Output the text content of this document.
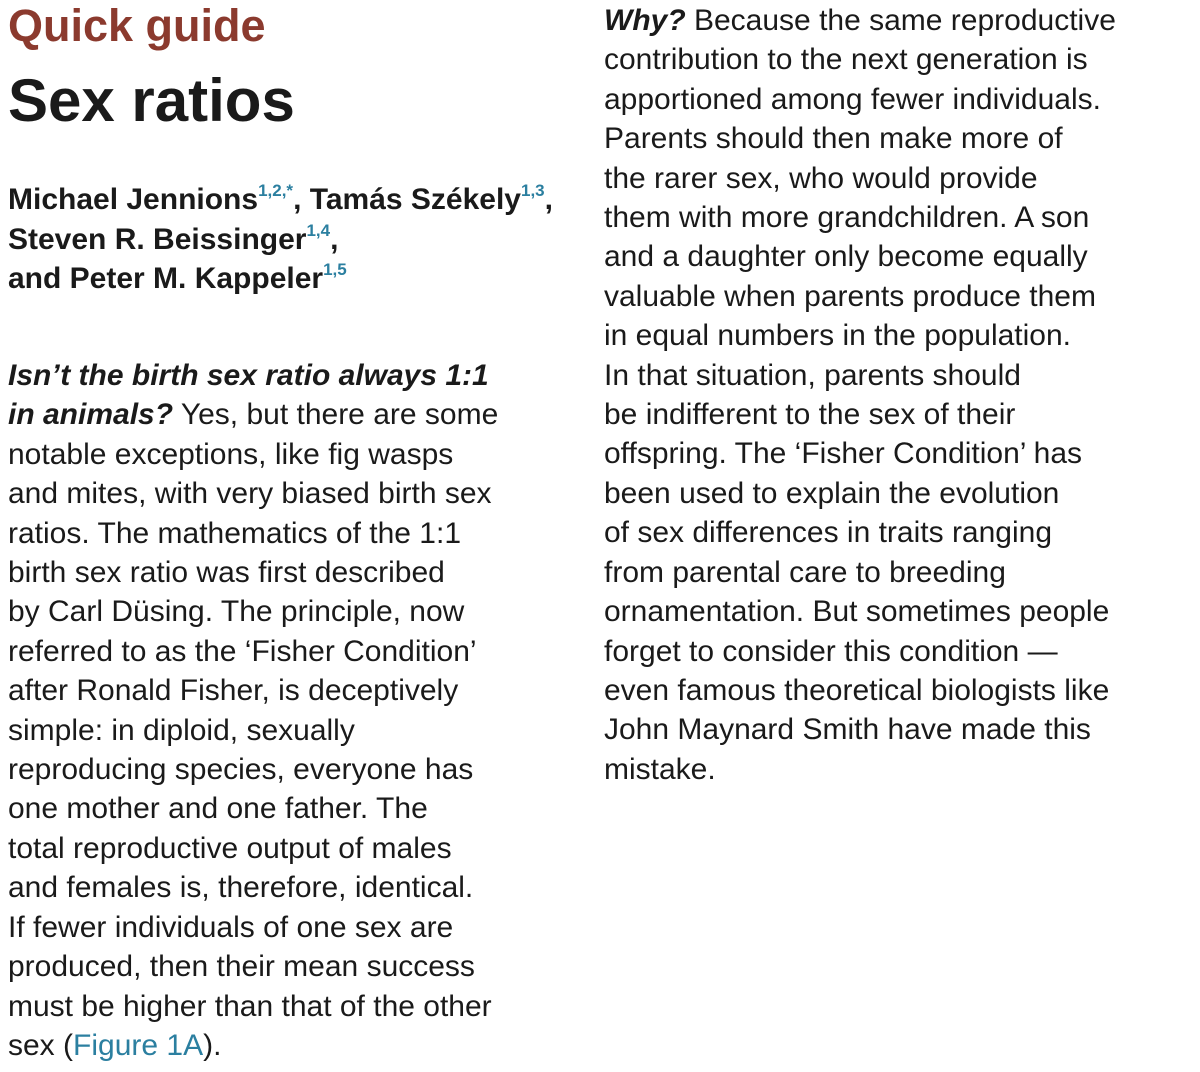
Quick guide
Sex ratios
Michael Jennions$^{1,2,*}$, Tamás Székely$^{1,3}$,
Steven R. Beissinger$^{1,4}$,
and Peter M. Kappeler$^{1,5}$
Isn’t the birth sex ratio always 1:1
in animals? Yes, but there are some
notable exceptions, like fig wasps
and mites, with very biased birth sex
ratios. The mathematics of the 1:1
birth sex ratio was first described
by Carl Düsing. The principle, now
referred to as the ‘Fisher Condition’
after Ronald Fisher, is deceptively
simple: in diploid, sexually
reproducing species, everyone has
one mother and one father. The
total reproductive output of males
and females is, therefore, identical.
If fewer individuals of one sex are
produced, then their mean success
must be higher than that of the other
sex (Figure 1A).
Why? Because the same reproductive
contribution to the next generation is
apportioned among fewer individuals.
Parents should then make more of
the rarer sex, who would provide
them with more grandchildren. A son
and a daughter only become equally
valuable when parents produce them
in equal numbers in the population.
In that situation, parents should
be indifferent to the sex of their
offspring. The ‘Fisher Condition’ has
been used to explain the evolution
of sex differences in traits ranging
from parental care to breeding
ornamentation. But sometimes people
forget to consider this condition —
even famous theoretical biologists like
John Maynard Smith have made this
mistake.
